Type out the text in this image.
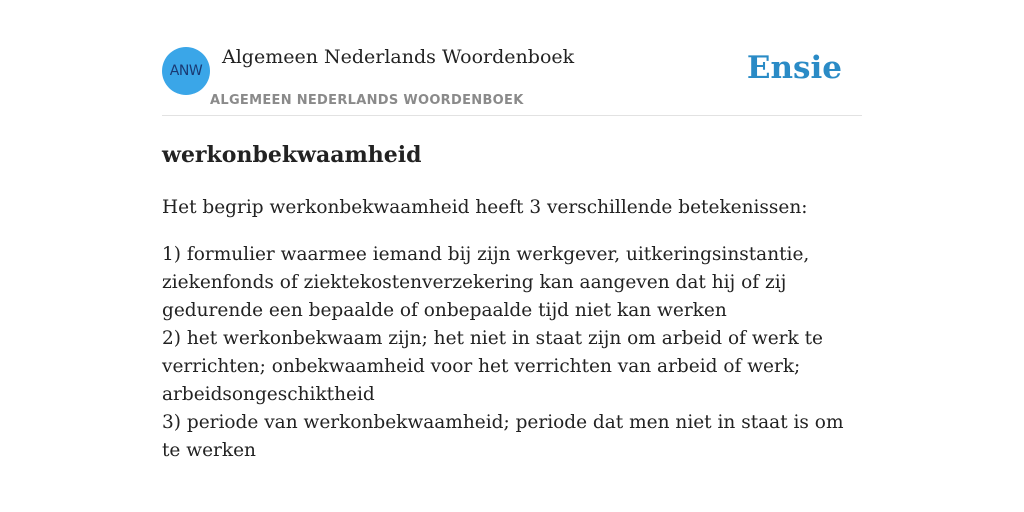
ANW
Algemeen Nederlands Woordenboek
ALGEMEEN NEDERLANDS WOORDENBOEK
Ensie
werkonbekwaamheid

Het begrip werkonbekwaamheid heeft 3 verschillende betekenissen:

1) formulier waarmee iemand bij zijn werkgever, uitkeringsinstantie, ziekenfonds of ziektekostenverzekering kan aangeven dat hij of zij gedurende een bepaalde of onbepaalde tijd niet kan werken
2) het werkonbekwaam zijn; het niet in staat zijn om arbeid of werk te verrichten; onbekwaamheid voor het verrichten van arbeid of werk; arbeidsongeschiktheid
3) periode van werkonbekwaamheid; periode dat men niet in staat is om te werken
